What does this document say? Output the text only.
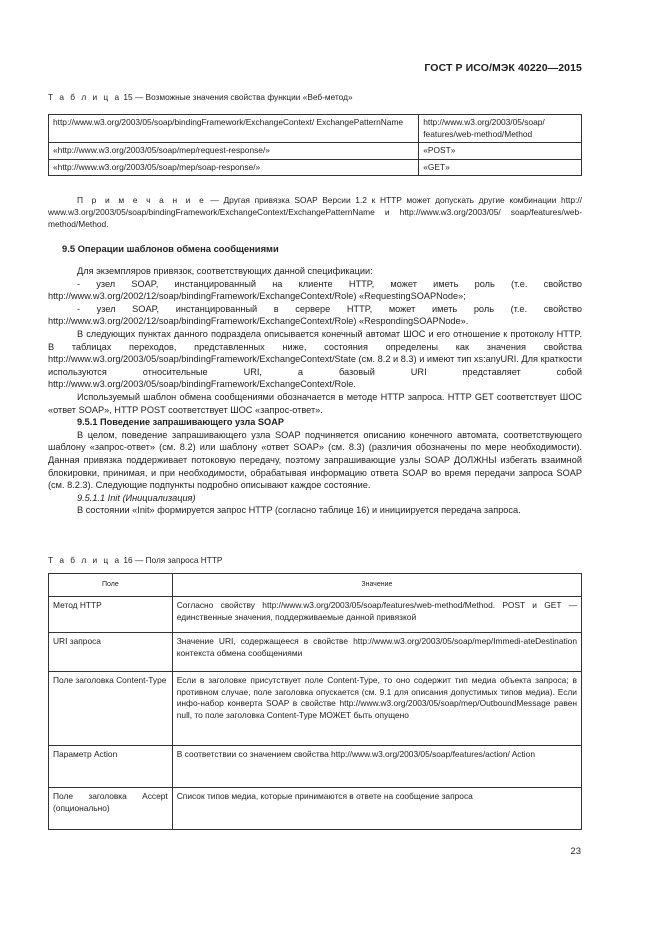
ГОСТ Р ИСО/МЭК 40220—2015
Т а б л и ц а 15 — Возможные значения свойства функции «Веб-метод»
http://www.w3.org/2003/05/soap/bindingFramework/ExchangeContext/ ExchangePatternName	http://www.w3.org/2003/05/soap/ features/web-method/Method
«http://www.w3.org/2003/05/soap/mep/request-response/»	«POST»
«http://www.w3.org/2003/05/soap/mep/soap-response/»	«GET»
П р и м е ч а н и е — Другая привязка SOAP Версии 1.2 к HTTP может допускать другие комбинации http:// www.w3.org/2003/05/soap/bindingFramework/ExchangeContext/ExchangePatternName и http://www.w3.org/2003/05/ soap/features/web-method/Method.
9.5 Операции шаблонов обмена сообщениями

Для экземпляров привязок, соответствующих данной спецификации:

- узел SOAP, инстанцированный на клиенте HTTP, может иметь роль (т.е. свойство http://www.w3.org/2002/12/soap/bindingFramework/ExchangeContext/Role) «RequestingSOAPNode»;

- узел SOAP, инстанцированный в сервере HTTP, может иметь роль (т.е. свойство http://www.w3.org/2002/12/soap/bindingFramework/ExchangeContext/Role) «RespondingSOAPNode».

В следующих пунктах данного подраздела описывается конечный автомат ШОС и его отношение к протоколу HTTP. В таблицах переходов, представленных ниже, состояния определены как значения свойства http://www.w3.org/2003/05/soap/bindingFramework/ExchangeContext/State (см. 8.2 и 8.3) и имеют тип xs:anyURI. Для краткости используются относительные URI, а базовый URI представляет собой http://www.w3.org/2003/05/soap/bindingFramework/ExchangeContext/Role.

Используемый шаблон обмена сообщениями обозначается в методе HTTP запроса. HTTP GET соответствует ШОС «ответ SOAP», HTTP POST соответствует ШОС «запрос-ответ».

9.5.1 Поведение запрашивающего узла SOAP

В целом, поведение запрашивающего узла SOAP подчиняется описанию конечного автомата, соответствующего шаблону «запрос-ответ» (см. 8.2) или шаблону «ответ SOAP» (см. 8.3) (различия обозначены по мере необходимости). Данная привязка поддерживает потоковую передачу, поэтому запрашивающие узлы SOAP ДОЛЖНЫ избегать взаимной блокировки, принимая, и при необходимости, обрабатывая информацию ответа SOAP во время передачи запроса SOAP (см. 8.2.3). Следующие подпункты подробно описывают каждое состояние.

9.5.1.1 Init (Инициализация)

В состоянии «Init» формируется запрос HTTP (согласно таблице 16) и инициируется передача запроса.

Т а б л и ц а 16 — Поля запроса HTTP
Поле	Значение
Метод HTTP	Согласно свойству http://www.w3.org/2003/05/soap/features/web-method/Method. POST и GET — единственные значения, поддерживаемые данной привязкой
URI запроса	Значение URI, содержащееся в свойстве http://www.w3.org/2003/05/soap/mep/Immedi-ateDestination контекста обмена сообщениями
Поле заголовка Content-Type	Если в заголовке присутствует поле Content-Type, то оно содержит тип медиа объекта запроса; в противном случае, поле заголовка опускается (см. 9.1 для описания допустимых типов медиа). Если инфо-набор конверта SOAP в свойстве http://www.w3.org/2003/05/soap/mep/OutboundMessage равен null, то поле заголовка Content-Type МОЖЕТ быть опущено
Параметр Action	В соответствии со значением свойства http://www.w3.org/2003/05/soap/features/action/ Action
Поле заголовка Accept (опционально)	Список типов медиа, которые принимаются в ответе на сообщение запроса
23
